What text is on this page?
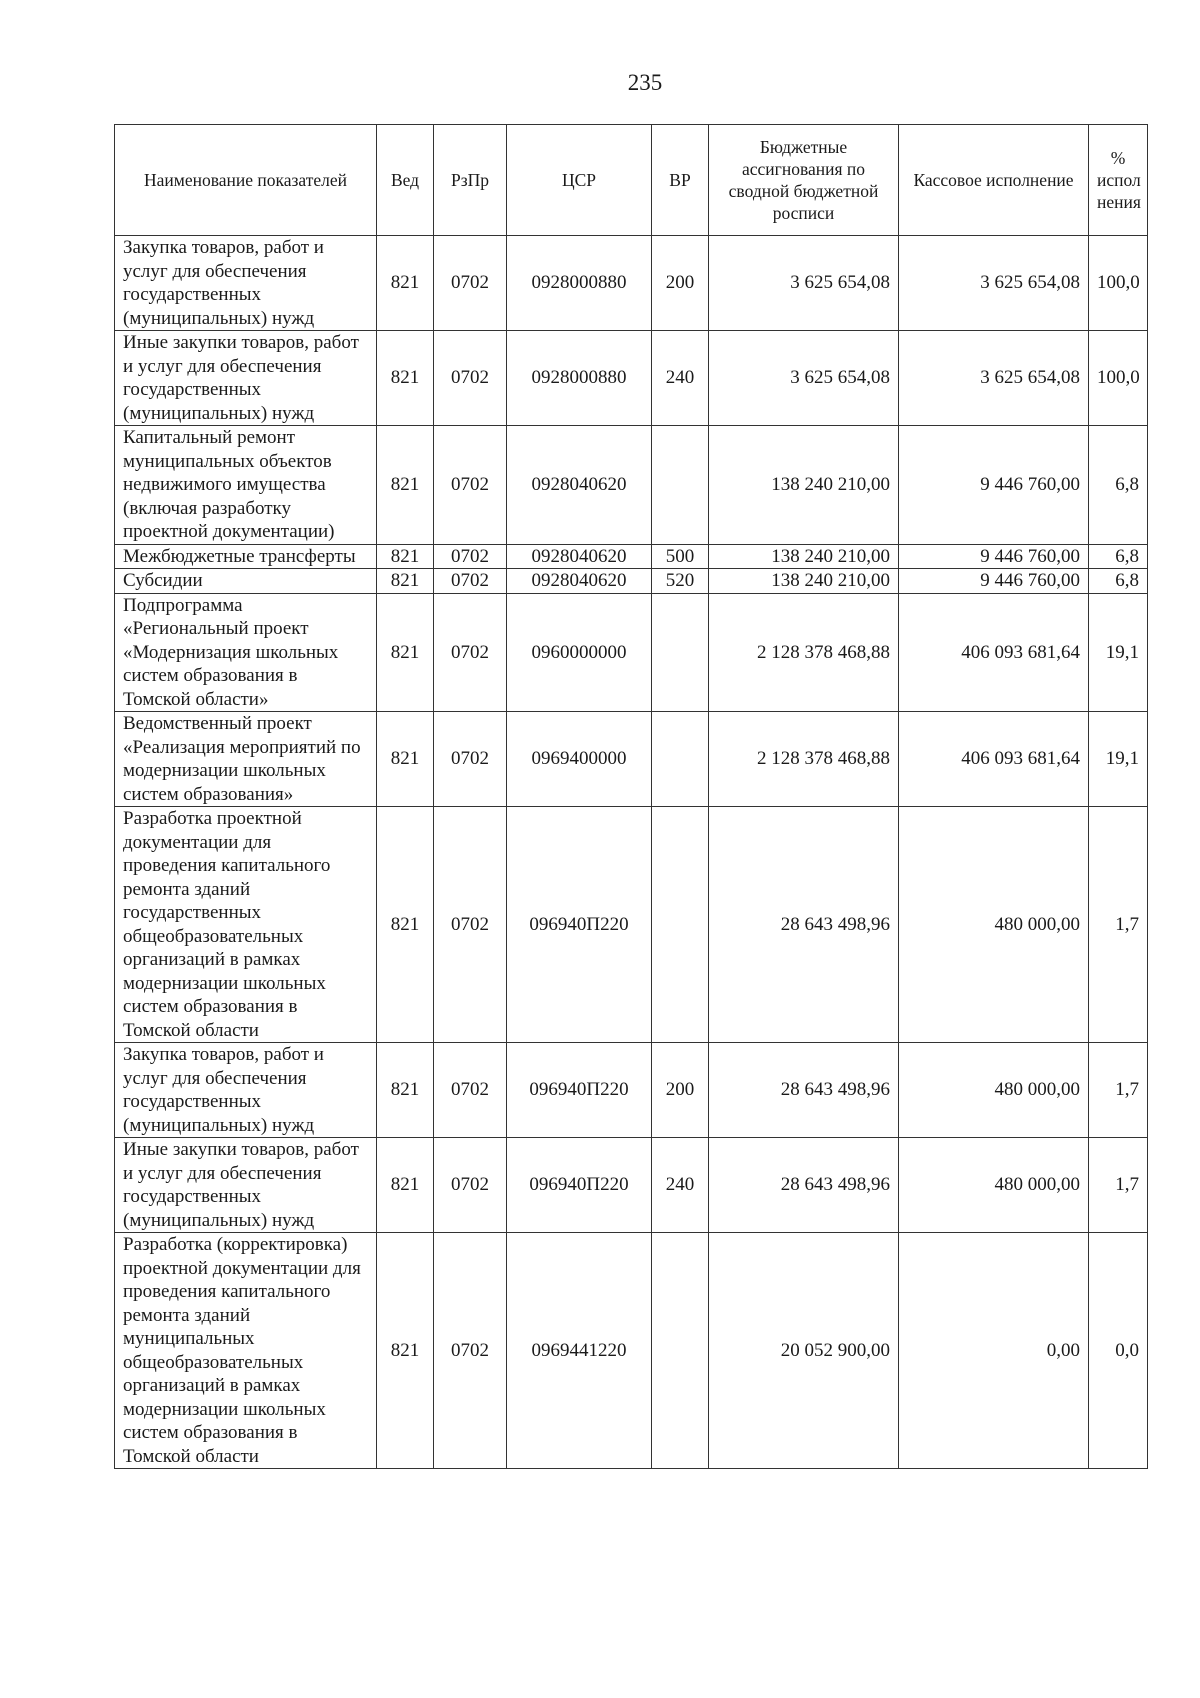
235
Наименование показателей	Вед	РзПр	ЦСР	ВР	Бюджетные ассигнования по сводной бюджетной росписи	Кассовое исполнение	% испол нения
Закупка товаров, работ и услуг для обеспечения государственных (муниципальных) нужд	821	0702	0928000880	200	3 625 654,08	3 625 654,08	100,0
Иные закупки товаров, работ и услуг для обеспечения государственных (муниципальных) нужд	821	0702	0928000880	240	3 625 654,08	3 625 654,08	100,0
Капитальный ремонт муниципальных объектов недвижимого имущества (включая разработку проектной документации)	821	0702	0928040620		138 240 210,00	9 446 760,00	6,8
Межбюджетные трансферты	821	0702	0928040620	500	138 240 210,00	9 446 760,00	6,8
Субсидии	821	0702	0928040620	520	138 240 210,00	9 446 760,00	6,8
Подпрограмма «Региональный проект «Модернизация школьных систем образования в Томской области»	821	0702	0960000000		2 128 378 468,88	406 093 681,64	19,1
Ведомственный проект «Реализация мероприятий по модернизации школьных систем образования»	821	0702	0969400000		2 128 378 468,88	406 093 681,64	19,1
Разработка проектной документации для проведения капитального ремонта зданий государственных общеобразовательных организаций в рамках модернизации школьных систем образования в Томской области	821	0702	096940П220		28 643 498,96	480 000,00	1,7
Закупка товаров, работ и услуг для обеспечения государственных (муниципальных) нужд	821	0702	096940П220	200	28 643 498,96	480 000,00	1,7
Иные закупки товаров, работ и услуг для обеспечения государственных (муниципальных) нужд	821	0702	096940П220	240	28 643 498,96	480 000,00	1,7
Разработка (корректировка) проектной документации для проведения капитального ремонта зданий муниципальных общеобразовательных организаций в рамках модернизации школьных систем образования в Томской области	821	0702	0969441220		20 052 900,00	0,00	0,0
